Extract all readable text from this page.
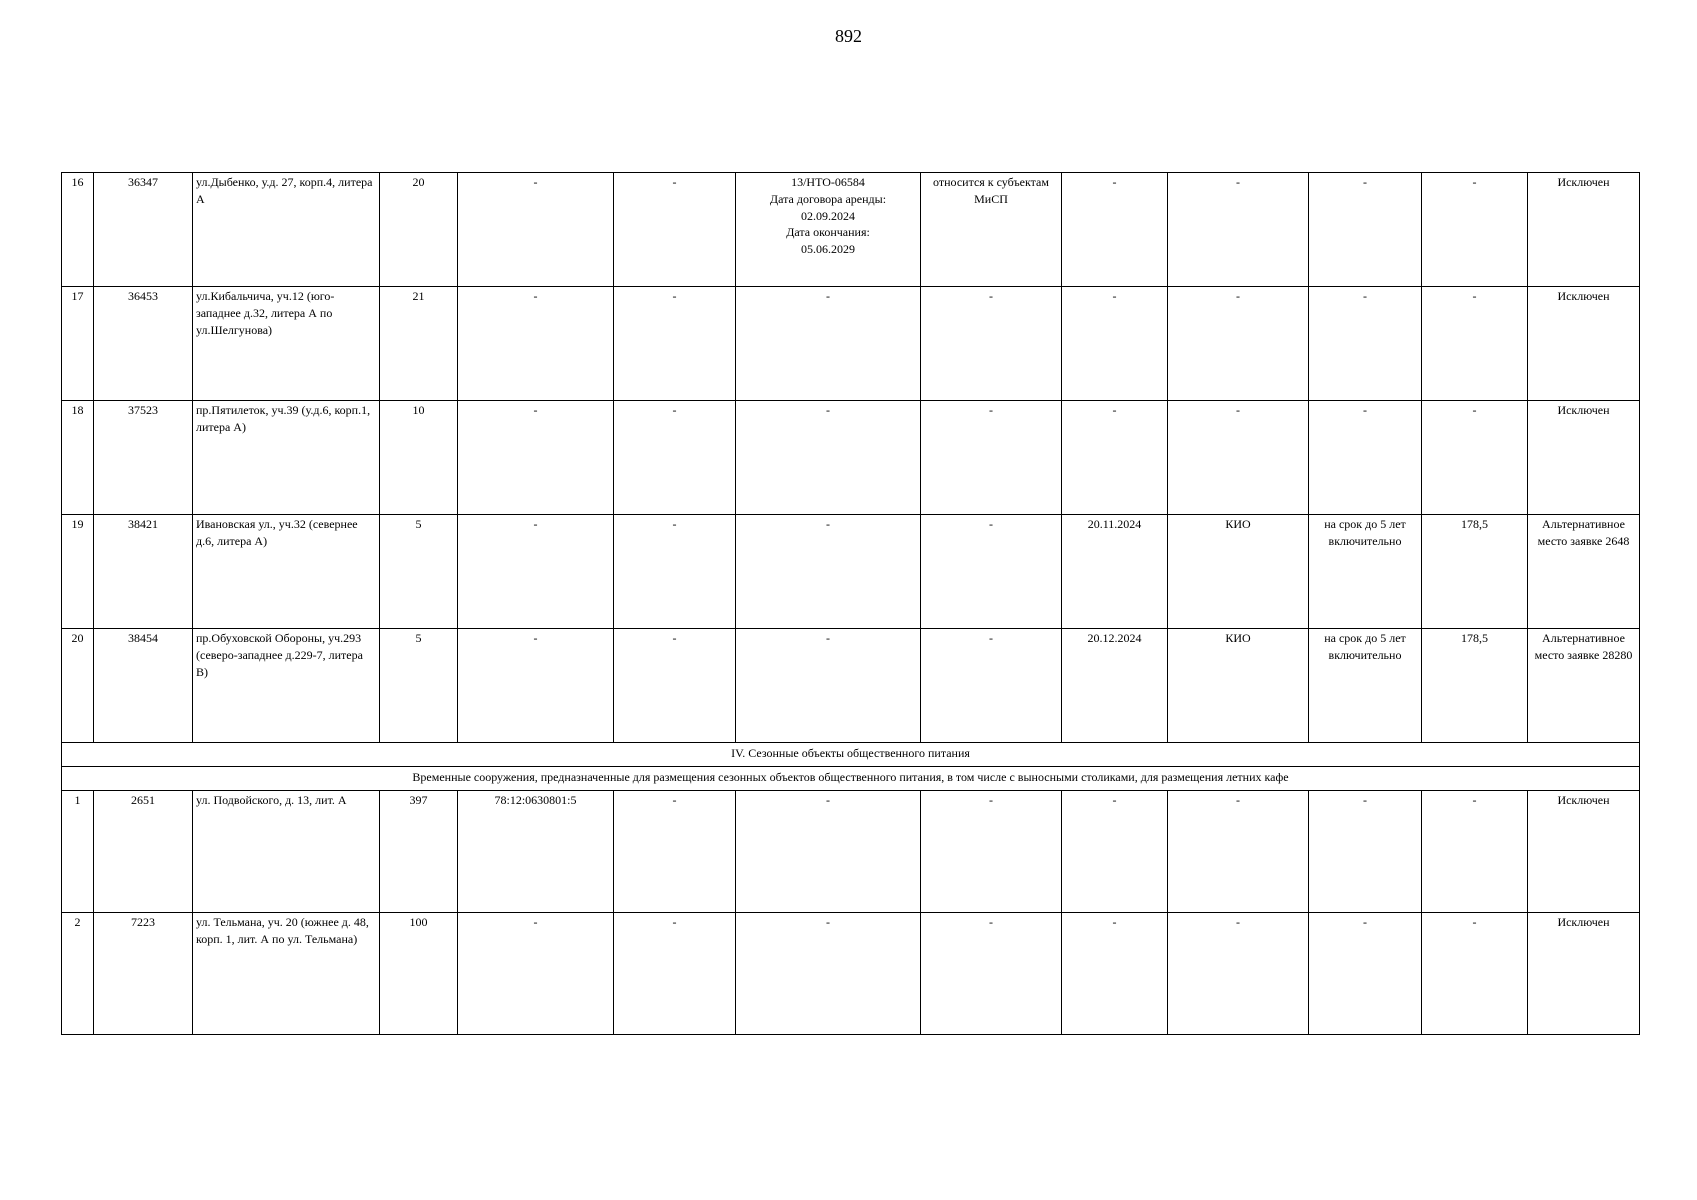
892
16	36347	ул.Дыбенко, у.д. 27, корп.4, литера А	20	-	-	13/НТО-06584
Дата договора аренды:
02.09.2024
Дата окончания:
05.06.2029	относится к субъектам МиСП	-	-	-	-	Исключен
17	36453	ул.Кибальчича, уч.12 (юго-западнее д.32, литера А по ул.Шелгунова)	21	-	-	-	-	-	-	-	-	Исключен
18	37523	пр.Пятилеток, уч.39 (у.д.6, корп.1, литера А)	10	-	-	-	-	-	-	-	-	Исключен
19	38421	Ивановская ул., уч.32 (севернее д.6, литера А)	5	-	-	-	-	20.11.2024	КИО	на срок до 5 лет включительно	178,5	Альтернативное место заявке 2648
20	38454	пр.Обуховской Обороны, уч.293 (северо-западнее д.229-7, литера В)	5	-	-	-	-	20.12.2024	КИО	на срок до 5 лет включительно	178,5	Альтернативное место заявке 28280
IV. Сезонные объекты общественного питания												
Временные сооружения, предназначенные для размещения сезонных объектов общественного питания, в том числе с выносными столиками, для размещения летних кафе												
1	2651	ул. Подвойского, д. 13, лит. А	397	78:12:0630801:5	-	-	-	-	-	-	-	Исключен
2	7223	ул. Тельмана, уч. 20 (южнее д. 48, корп. 1, лит. А по ул. Тельмана)	100	-	-	-	-	-	-	-	-	Исключен
